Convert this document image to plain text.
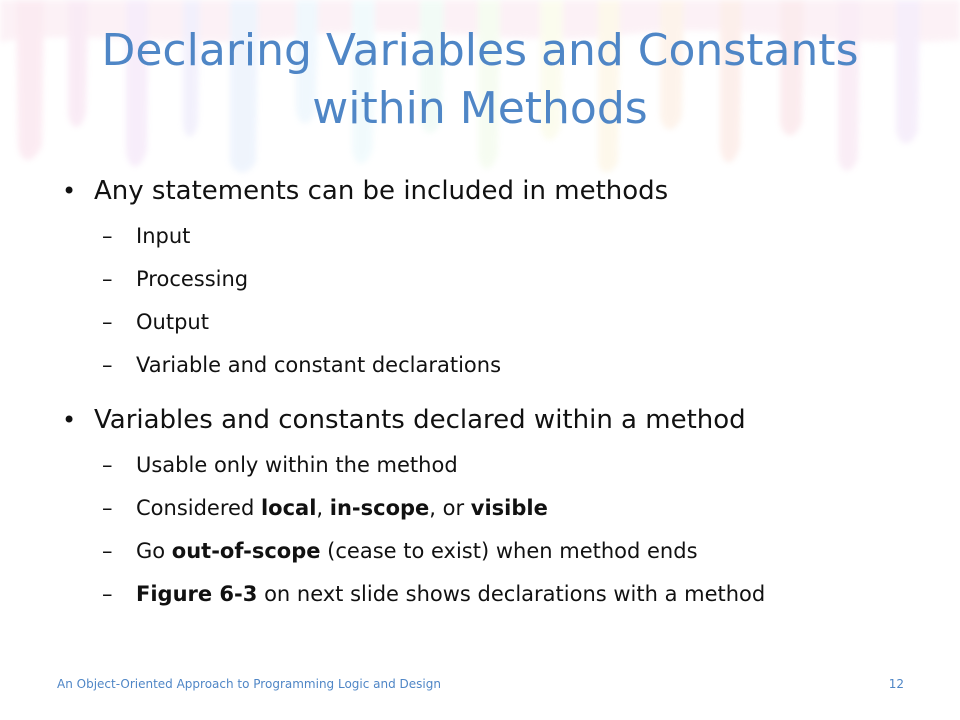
Declaring Variables and Constants
within Methods
• Any statements can be included in methods
– Input
– Processing
– Output
– Variable and constant declarations
• Variables and constants declared within a method
– Usable only within the method
– Considered local, in-scope, or visible
– Go out-of-scope (cease to exist) when method ends
– Figure 6-3 on next slide shows declarations with a method
An Object-Oriented Approach to Programming Logic and Design	12
